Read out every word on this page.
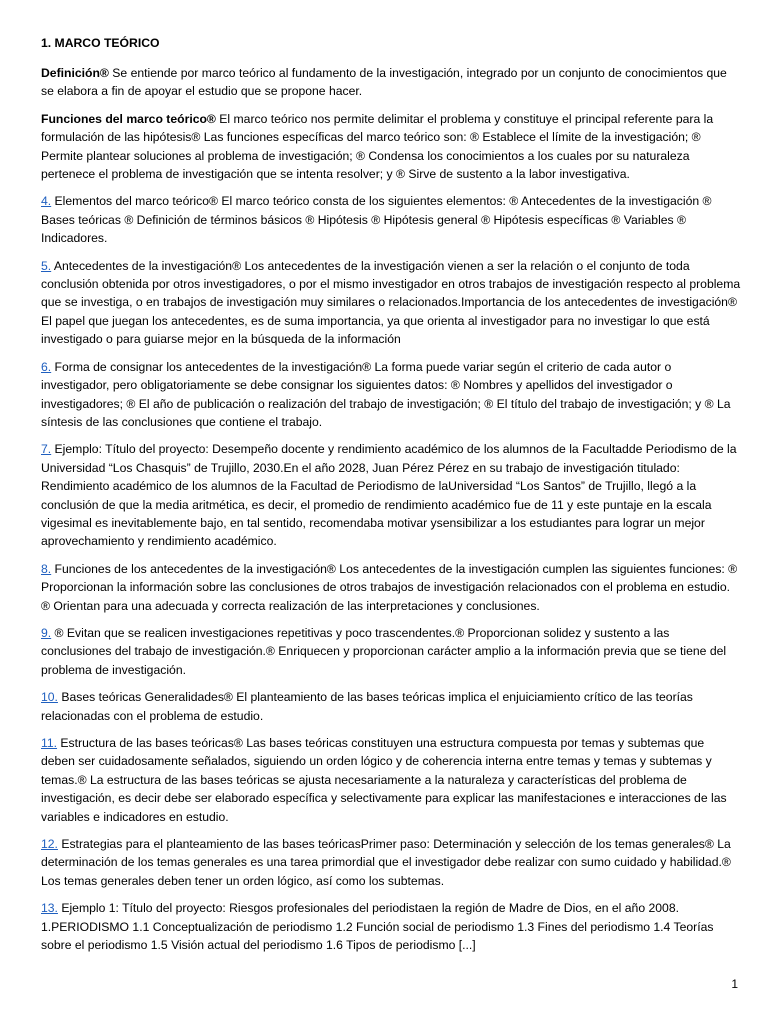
1. MARCO TEÓRICO
Definición® Se entiende por marco teórico al fundamento de la investigación, integrado por un conjunto de conocimientos que se elabora a fin de apoyar el estudio que se propone hacer.
Funciones del marco teórico® El marco teórico nos permite delimitar el problema y constituye el principal referente para la formulación de las hipótesis® Las funciones específicas del marco teórico son: ® Establece el límite de la investigación; ® Permite plantear soluciones al problema de investigación; ® Condensa los conocimientos a los cuales por su naturaleza pertenece el problema de investigación que se intenta resolver; y ® Sirve de sustento a la labor investigativa.
4. Elementos del marco teórico® El marco teórico consta de los siguientes elementos: ® Antecedentes de la investigación ® Bases teóricas ® Definición de términos básicos ® Hipótesis ® Hipótesis general ® Hipótesis específicas ® Variables ® Indicadores.
5. Antecedentes de la investigación® Los antecedentes de la investigación vienen a ser la relación o el conjunto de toda conclusión obtenida por otros investigadores, o por el mismo investigador en otros trabajos de investigación respecto al problema que se investiga, o en trabajos de investigación muy similares o relacionados.Importancia de los antecedentes de investigación® El papel que juegan los antecedentes, es de suma importancia, ya que orienta al investigador para no investigar lo que está investigado o para guiarse mejor en la búsqueda de la información
6. Forma de consignar los antecedentes de la investigación® La forma puede variar según el criterio de cada autor o investigador, pero obligatoriamente se debe consignar los siguientes datos: ® Nombres y apellidos del investigador o investigadores; ® El año de publicación o realización del trabajo de investigación; ® El título del trabajo de investigación; y ® La síntesis de las conclusiones que contiene el trabajo.
7. Ejemplo: Título del proyecto: Desempeño docente y rendimiento académico de los alumnos de la Facultadde Periodismo de la Universidad “Los Chasquis” de Trujillo, 2030.En el año 2028, Juan Pérez Pérez en su trabajo de investigación titulado: Rendimiento académico de los alumnos de la Facultad de Periodismo de laUniversidad “Los Santos” de Trujillo, llegó a la conclusión de que la media aritmética, es decir, el promedio de rendimiento académico fue de 11 y este puntaje en la escala vigesimal es inevitablemente bajo, en tal sentido, recomendaba motivar ysensibilizar a los estudiantes para lograr un mejor aprovechamiento y rendimiento académico.
8. Funciones de los antecedentes de la investigación® Los antecedentes de la investigación cumplen las siguientes funciones: ® Proporcionan la información sobre las conclusiones de otros trabajos de investigación relacionados con el problema en estudio. ® Orientan para una adecuada y correcta realización de las interpretaciones y conclusiones.
9. ® Evitan que se realicen investigaciones repetitivas y poco trascendentes.® Proporcionan solidez y sustento a las conclusiones del trabajo de investigación.® Enriquecen y proporcionan carácter amplio a la información previa que se tiene del problema de investigación.
10. Bases teóricas Generalidades® El planteamiento de las bases teóricas implica el enjuiciamiento crítico de las teorías relacionadas con el problema de estudio.
11. Estructura de las bases teóricas® Las bases teóricas constituyen una estructura compuesta por temas y subtemas que deben ser cuidadosamente señalados, siguiendo un orden lógico y de coherencia interna entre temas y temas y subtemas y temas.® La estructura de las bases teóricas se ajusta necesariamente a la naturaleza y características del problema de investigación, es decir debe ser elaborado específica y selectivamente para explicar las manifestaciones e interacciones de las variables e indicadores en estudio.
12. Estrategias para el planteamiento de las bases teóricasPrimer paso: Determinación y selección de los temas generales® La determinación de los temas generales es una tarea primordial que el investigador debe realizar con sumo cuidado y habilidad.® Los temas generales deben tener un orden lógico, así como los subtemas.
13. Ejemplo 1: Título del proyecto: Riesgos profesionales del periodistaen la región de Madre de Dios, en el año 2008. 1.PERIODISMO 1.1 Conceptualización de periodismo 1.2 Función social de periodismo 1.3 Fines del periodismo 1.4 Teorías sobre el periodismo 1.5 Visión actual del periodismo 1.6 Tipos de periodismo [...]
1
